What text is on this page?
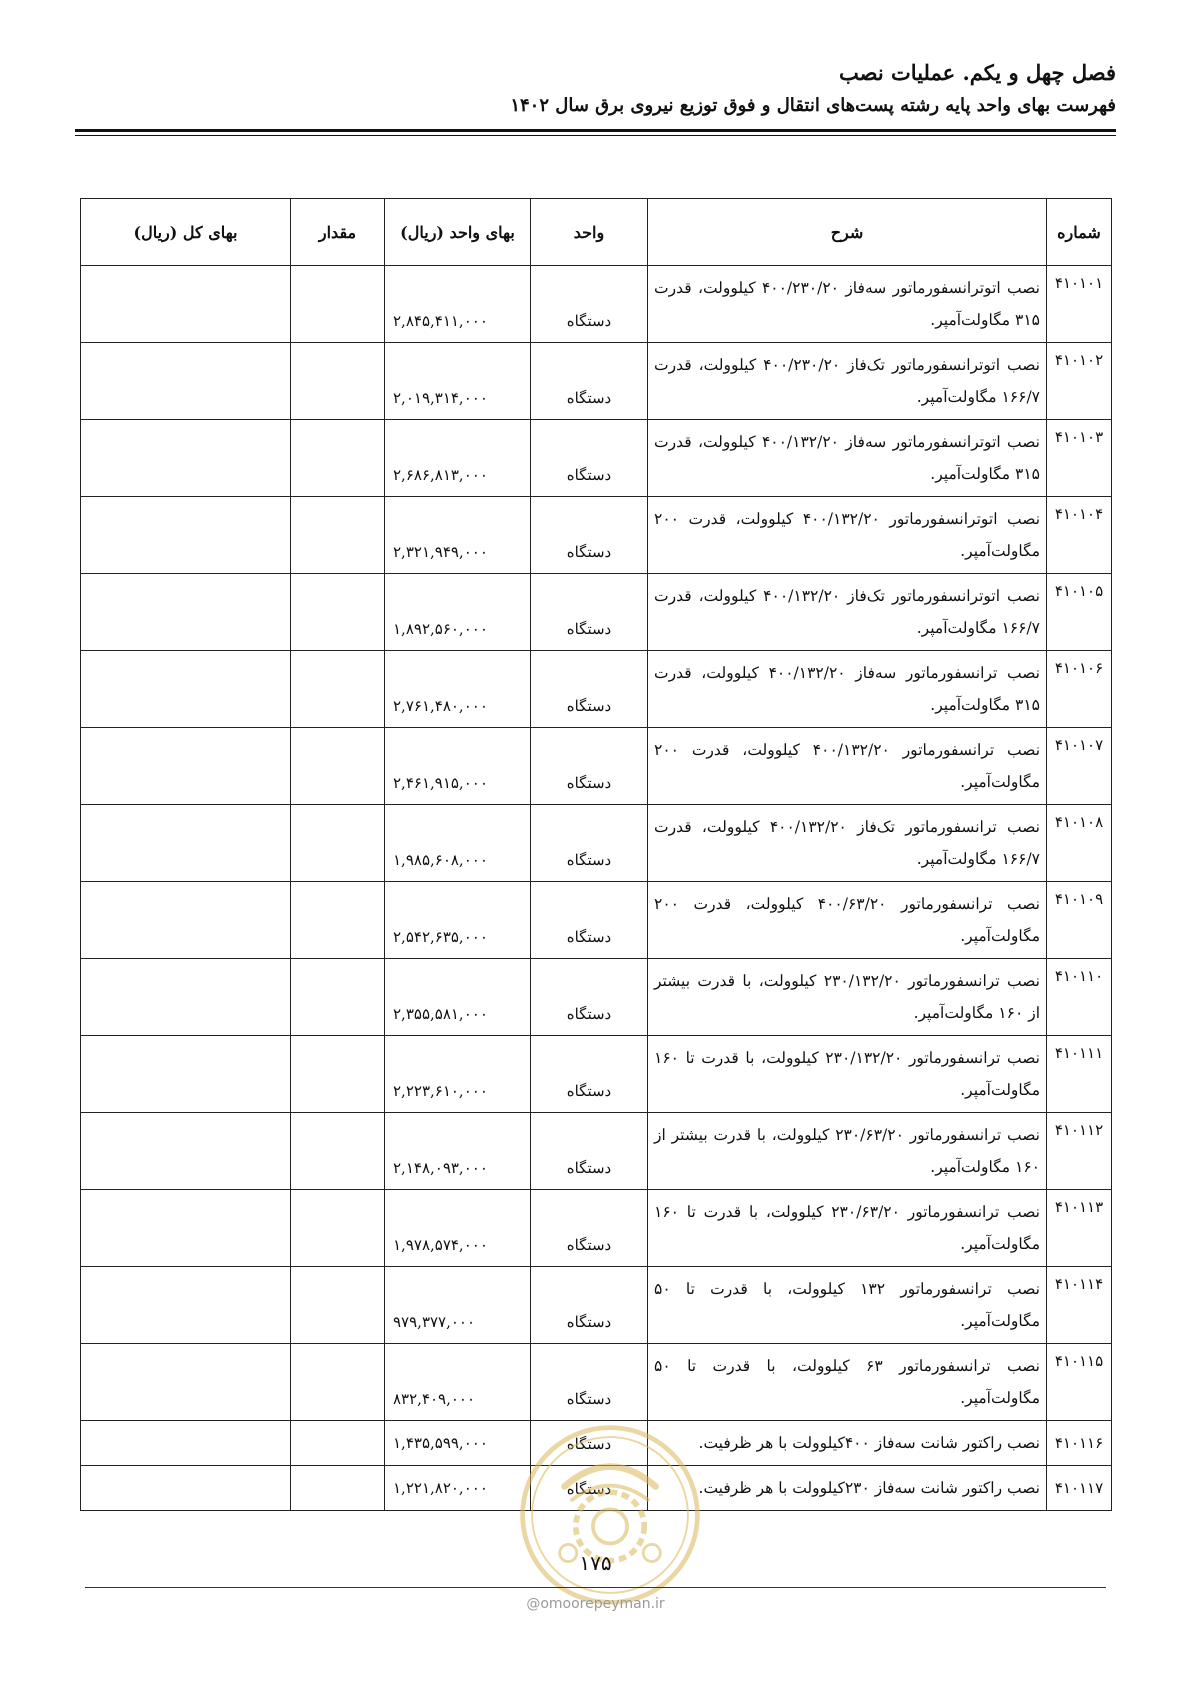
فصل چهل و یکم. عملیات نصب
فهرست بهای واحد پایه رشته پست‌های انتقال و فوق توزیع نیروی برق سال ۱۴۰۲
شماره	شرح	واحد	بهای واحد (ریال)	مقدار	بهای کل (ریال)
۴۱۰۱۰۱	نصب اتوترانسفورماتور سه‌فاز ۴۰۰/۲۳۰/۲۰ کیلوولت، قدرت ۳۱۵ مگاولت‌آمپر.	دستگاه	۲,۸۴۵,۴۱۱,۰۰۰		
۴۱۰۱۰۲	نصب اتوترانسفورماتور تک‌فاز ۴۰۰/۲۳۰/۲۰ کیلوولت، قدرت ۱۶۶/۷ مگاولت‌آمپر.	دستگاه	۲,۰۱۹,۳۱۴,۰۰۰		
۴۱۰۱۰۳	نصب اتوترانسفورماتور سه‌فاز ۴۰۰/۱۳۲/۲۰ کیلوولت، قدرت ۳۱۵ مگاولت‌آمپر.	دستگاه	۲,۶۸۶,۸۱۳,۰۰۰		
۴۱۰۱۰۴	نصب اتوترانسفورماتور ۴۰۰/۱۳۲/۲۰ کیلوولت، قدرت ۲۰۰ مگاولت‌آمپر.	دستگاه	۲,۳۲۱,۹۴۹,۰۰۰		
۴۱۰۱۰۵	نصب اتوترانسفورماتور تک‌فاز ۴۰۰/۱۳۲/۲۰ کیلوولت، قدرت ۱۶۶/۷ مگاولت‌آمپر.	دستگاه	۱,۸۹۲,۵۶۰,۰۰۰		
۴۱۰۱۰۶	نصب ترانسفورماتور سه‌فاز ۴۰۰/۱۳۲/۲۰ کیلوولت، قدرت ۳۱۵ مگاولت‌آمپر.	دستگاه	۲,۷۶۱,۴۸۰,۰۰۰		
۴۱۰۱۰۷	نصب ترانسفورماتور ۴۰۰/۱۳۲/۲۰ کیلوولت، قدرت ۲۰۰ مگاولت‌آمپر.	دستگاه	۲,۴۶۱,۹۱۵,۰۰۰		
۴۱۰۱۰۸	نصب ترانسفورماتور تک‌فاز ۴۰۰/۱۳۲/۲۰ کیلوولت، قدرت ۱۶۶/۷ مگاولت‌آمپر.	دستگاه	۱,۹۸۵,۶۰۸,۰۰۰		
۴۱۰۱۰۹	نصب ترانسفورماتور ۴۰۰/۶۳/۲۰ کیلوولت، قدرت ۲۰۰ مگاولت‌آمپر.	دستگاه	۲,۵۴۲,۶۳۵,۰۰۰		
۴۱۰۱۱۰	نصب ترانسفورماتور ۲۳۰/۱۳۲/۲۰ کیلوولت، با قدرت بیشتر از ۱۶۰ مگاولت‌آمپر.	دستگاه	۲,۳۵۵,۵۸۱,۰۰۰		
۴۱۰۱۱۱	نصب ترانسفورماتور ۲۳۰/۱۳۲/۲۰ کیلوولت، با قدرت تا ۱۶۰ مگاولت‌آمپر.	دستگاه	۲,۲۲۳,۶۱۰,۰۰۰		
۴۱۰۱۱۲	نصب ترانسفورماتور ۲۳۰/۶۳/۲۰ کیلوولت، با قدرت بیشتر از ۱۶۰ مگاولت‌آمپر.	دستگاه	۲,۱۴۸,۰۹۳,۰۰۰		
۴۱۰۱۱۳	نصب ترانسفورماتور ۲۳۰/۶۳/۲۰ کیلوولت، با قدرت تا ۱۶۰ مگاولت‌آمپر.	دستگاه	۱,۹۷۸,۵۷۴,۰۰۰		
۴۱۰۱۱۴	نصب ترانسفورماتور ۱۳۲ کیلوولت، با قدرت تا ۵۰ مگاولت‌آمپر.	دستگاه	۹۷۹,۳۷۷,۰۰۰		
۴۱۰۱۱۵	نصب ترانسفورماتور ۶۳ کیلوولت، با قدرت تا ۵۰ مگاولت‌آمپر.	دستگاه	۸۳۲,۴۰۹,۰۰۰		
۴۱۰۱۱۶	نصب راکتور شانت سه‌فاز ۴۰۰کیلوولت با هر ظرفیت.	دستگاه	۱,۴۳۵,۵۹۹,۰۰۰		
۴۱۰۱۱۷	نصب راکتور شانت سه‌فاز ۲۳۰کیلوولت با هر ظرفیت.	دستگاه	۱,۲۲۱,۸۲۰,۰۰۰		
۱۷۵
@omoorepeyman.ir
